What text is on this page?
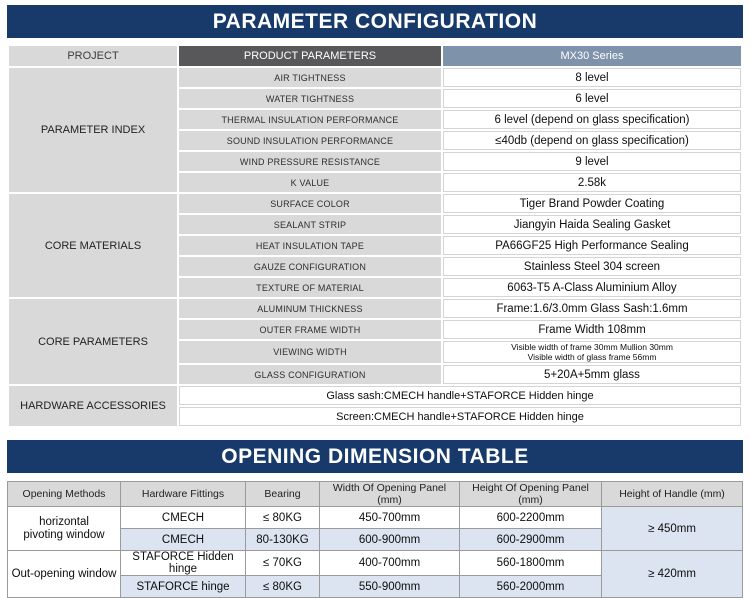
PARAMETER CONFIGURATION
PROJECT	PRODUCT PARAMETERS	MX30 Series
PARAMETER INDEX	AIR TIGHTNESS	8 level
	WATER TIGHTNESS	6 level
	THERMAL INSULATION PERFORMANCE	6 level (depend on glass specification)
	SOUND INSULATION PERFORMANCE	≤40db (depend on glass specification)
	WIND PRESSURE RESISTANCE	9 level
	K VALUE	2.58k
CORE MATERIALS	SURFACE COLOR	Tiger Brand Powder Coating
	SEALANT STRIP	Jiangyin Haida Sealing Gasket
	HEAT INSULATION TAPE	PA66GF25 High Performance Sealing
	GAUZE CONFIGURATION	Stainless Steel 304 screen
	TEXTURE OF MATERIAL	6063-T5 A-Class Aluminium Alloy
CORE PARAMETERS	ALUMINUM THICKNESS	Frame:1.6/3.0mm Glass Sash:1.6mm
	OUTER FRAME WIDTH	Frame Width 108mm
	VIEWING WIDTH	Visible width of frame 30mm Mullion 30mm
Visible width of glass frame 56mm

	GLASS CONFIGURATION	5+20A+5mm glass
HARDWARE ACCESSORIES	Glass sash:CMECH handle+STAFORCE Hidden hinge	
	Screen:CMECH handle+STAFORCE Hidden hinge	
OPENING DIMENSION TABLE
Opening Methods	Hardware Fittings	Bearing	Width Of Opening Panel (mm)	Height Of Opening Panel (mm)	Height of Handle (mm)

horizontal
pivoting window	CMECH	≤ 80KG	450-700mm	600-2200mm	≥ 450mm
	CMECH	80-130KG	600-900mm	600-2900mm	

Out-opening window	STAFORCE Hidden hinge	≤ 70KG	400-700mm	560-1800mm	≥ 420mm
	STAFORCE hinge	≤ 80KG	550-900mm	560-2000mm	
